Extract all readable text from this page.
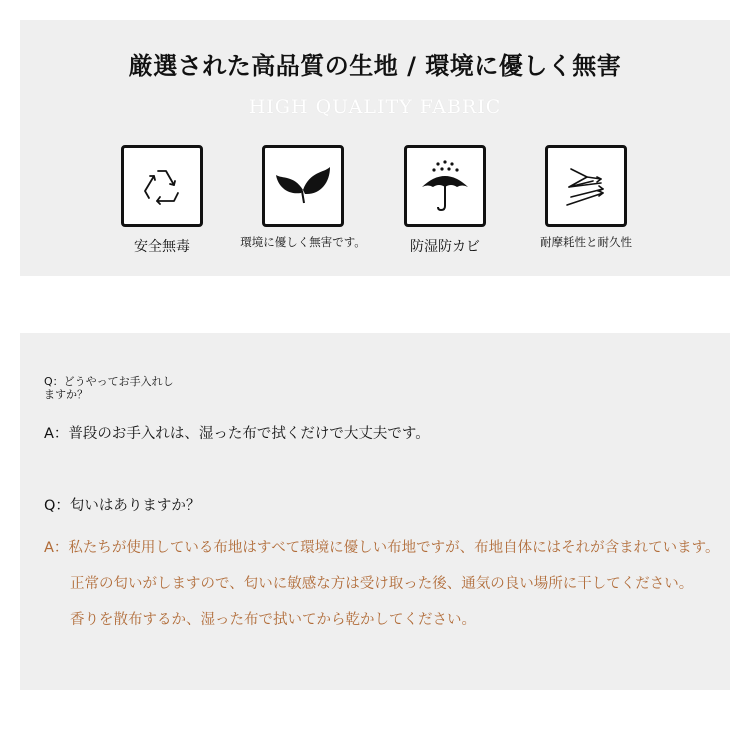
厳選された高品質の生地 / 環境に優しく無害
HIGH QUALITY FABRIC
安全無毒	環境に優しく無害です。	防湿防カビ	耐摩耗性と耐久性
Q：どうやってお手入れし
ますか？
A：普段のお手入れは、湿った布で拭くだけで大丈夫です。
Q：匂いはありますか？
A：私たちが使用している布地はすべて環境に優しい布地ですが、布地自体にはそれが含まれています。
正常の匂いがしますので、匂いに敏感な方は受け取った後、通気の良い場所に干してください。
香りを散布するか、湿った布で拭いてから乾かしてください。
